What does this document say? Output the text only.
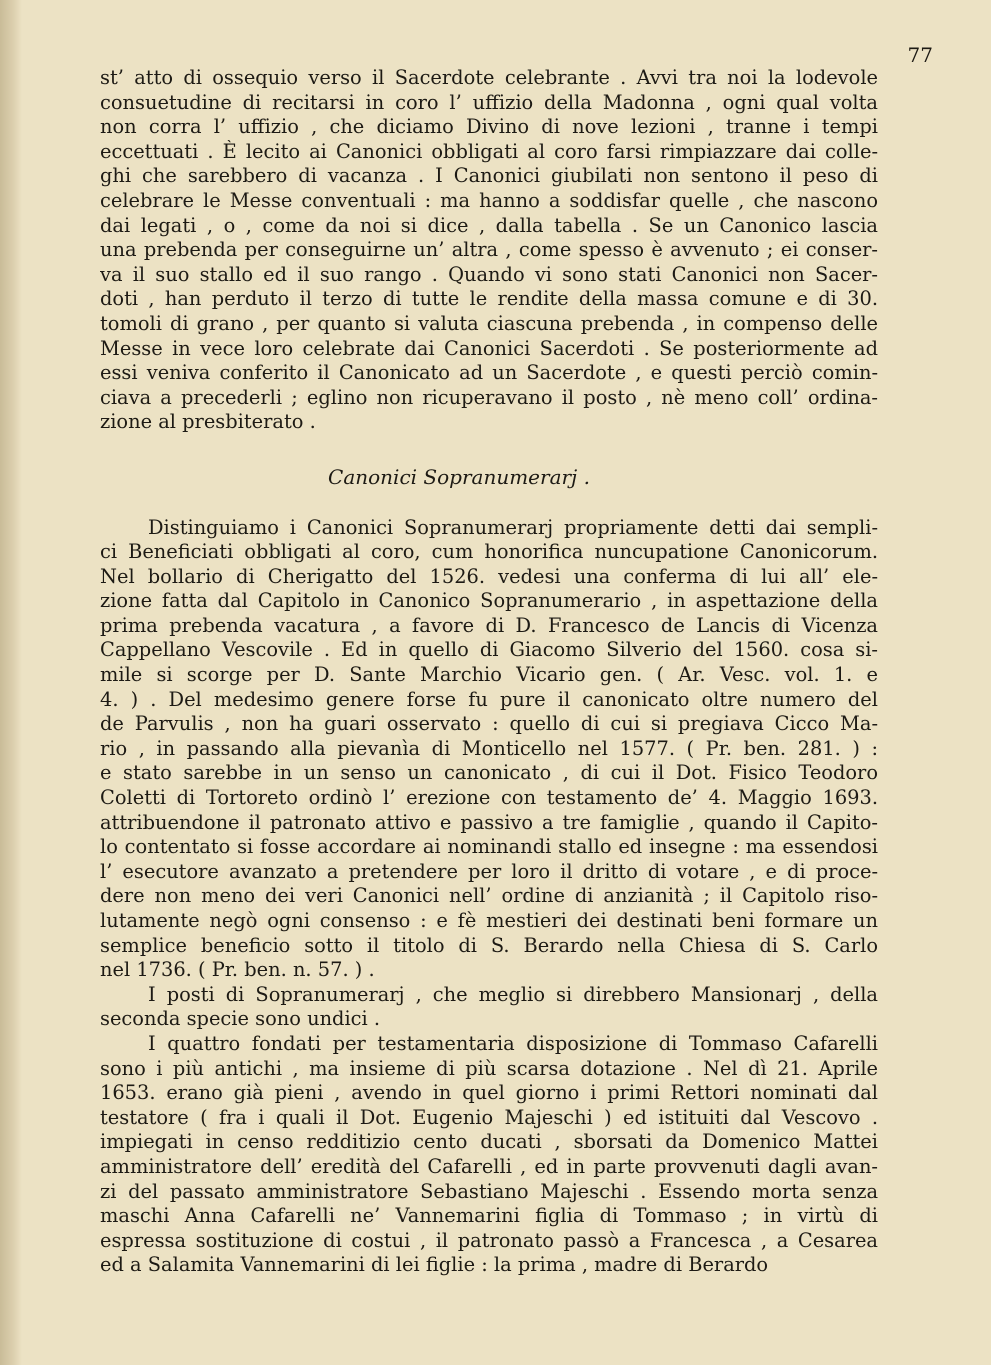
77
st’ atto di ossequio verso il Sacerdote celebrante . Avvi tra noi la lodevole
consuetudine di recitarsi in coro l’ uffizio della Madonna , ogni qual volta
non corra l’ uffizio , che diciamo Divino di nove lezioni , tranne i tempi
eccettuati . È lecito ai Canonici obbligati al coro farsi rimpiazzare dai colle-
ghi che sarebbero di vacanza . I Canonici giubilati non sentono il peso di
celebrare le Messe conventuali : ma hanno a soddisfar quelle , che nascono
dai legati , o , come da noi si dice , dalla tabella . Se un Canonico lascia
una prebenda per conseguirne un’ altra , come spesso è avvenuto ; ei conser-
va il suo stallo ed il suo rango . Quando vi sono stati Canonici non Sacer-
doti , han perduto il terzo di tutte le rendite della massa comune e di 30.
tomoli di grano , per quanto si valuta ciascuna prebenda , in compenso delle
Messe in vece loro celebrate dai Canonici Sacerdoti . Se posteriormente ad
essi veniva conferito il Canonicato ad un Sacerdote , e questi perciò comin-
ciava a precederli ; eglino non ricuperavano il posto , nè meno coll’ ordina-
zione al presbiterato .
Canonici Sopranumerarj .
Distinguiamo i Canonici Sopranumerarj propriamente detti dai sempli-
ci Beneficiati obbligati al coro, cum honorifica nuncupatione Canonicorum.
Nel bollario di Cherigatto del 1526. vedesi una conferma di lui all’ ele-
zione fatta dal Capitolo in Canonico Sopranumerario , in aspettazione della
prima prebenda vacatura , a favore di D. Francesco de Lancis di Vicenza
Cappellano Vescovile . Ed in quello di Giacomo Silverio del 1560. cosa si-
mile si scorge per D. Sante Marchio Vicario gen. ( Ar. Vesc. vol. 1. e
4. ) . Del medesimo genere forse fu pure il canonicato oltre numero del
de Parvulis , non ha guari osservato : quello di cui si pregiava Cicco Ma-
rio , in passando alla pievanìa di Monticello nel 1577. ( Pr. ben. 281. ) :
e stato sarebbe in un senso un canonicato , di cui il Dot. Fisico Teodoro
Coletti di Tortoreto ordinò l’ erezione con testamento de’ 4. Maggio 1693.
attribuendone il patronato attivo e passivo a tre famiglie , quando il Capito-
lo contentato si fosse accordare ai nominandi stallo ed insegne : ma essendosi
l’ esecutore avanzato a pretendere per loro il dritto di votare , e di proce-
dere non meno dei veri Canonici nell’ ordine di anzianità ; il Capitolo riso-
lutamente negò ogni consenso : e fè mestieri dei destinati beni formare un
semplice beneficio sotto il titolo di S. Berardo nella Chiesa di S. Carlo
nel 1736. ( Pr. ben. n. 57. ) .
I posti di Sopranumerarj , che meglio si direbbero Mansionarj , della
seconda specie sono undici .
I quattro fondati per testamentaria disposizione di Tommaso Cafarelli
sono i più antichi , ma insieme di più scarsa dotazione . Nel dì 21. Aprile
1653. erano già pieni , avendo in quel giorno i primi Rettori nominati dal
testatore ( fra i quali il Dot. Eugenio Majeschi ) ed istituiti dal Vescovo .
impiegati in censo redditizio cento ducati , sborsati da Domenico Mattei
amministratore dell’ eredità del Cafarelli , ed in parte provvenuti dagli avan-
zi del passato amministratore Sebastiano Majeschi . Essendo morta senza
maschi Anna Cafarelli ne’ Vannemarini figlia di Tommaso ; in virtù di
espressa sostituzione di costui , il patronato passò a Francesca , a Cesarea
ed a Salamita Vannemarini di lei figlie : la prima , madre di Berardo
